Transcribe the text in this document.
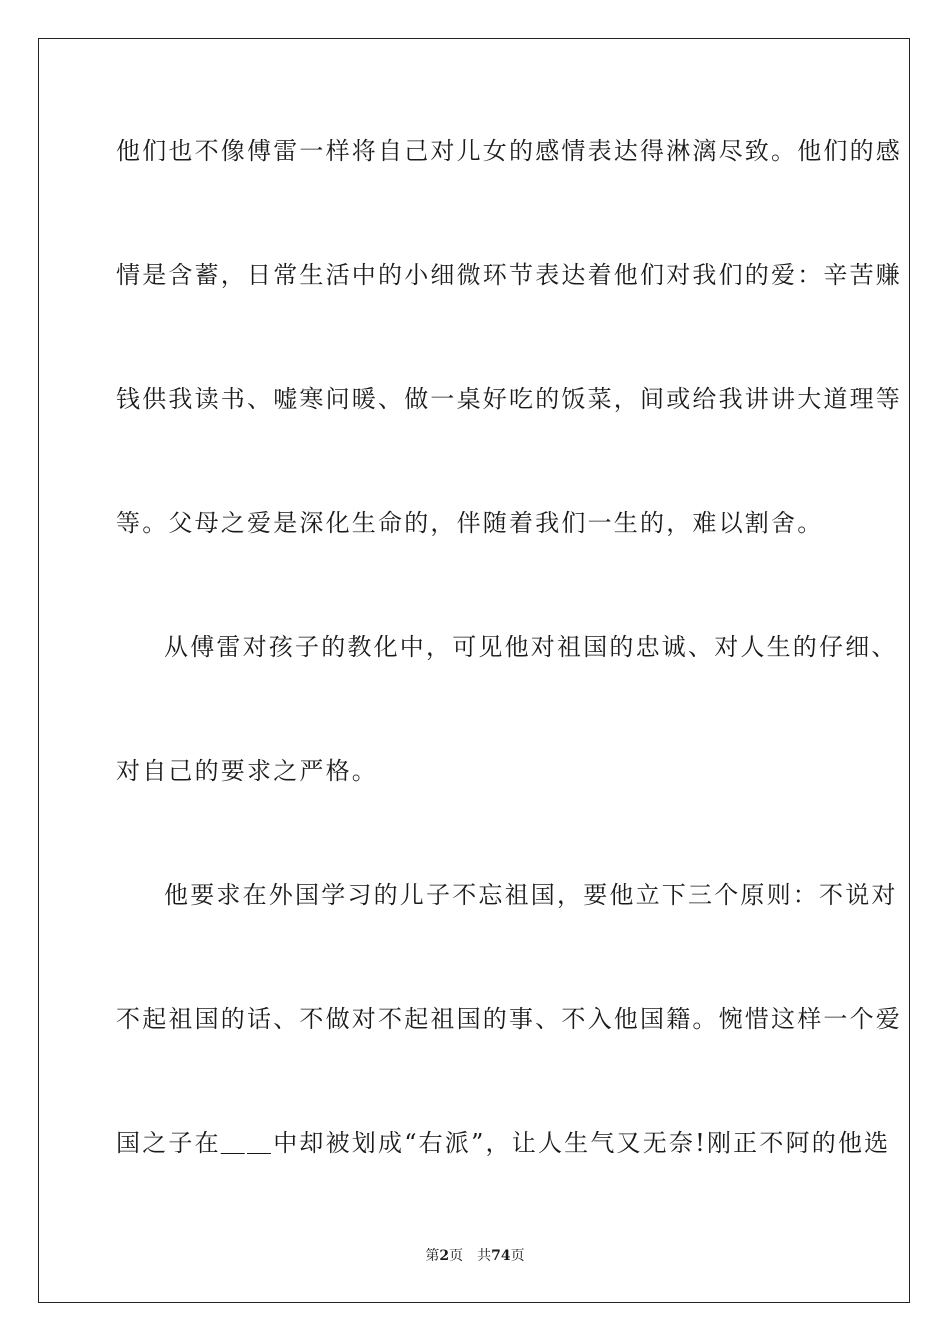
他们也不像傅雷一样将自己对儿女的感情表达得淋漓尽致。他们的感
情是含蓄，日常生活中的小细微环节表达着他们对我们的爱：辛苦赚
钱供我读书、嘘寒问暖、做一桌好吃的饭菜，间或给我讲讲大道理等
等。父母之爱是深化生命的，伴随着我们一生的，难以割舍。
从傅雷对孩子的教化中，可见他对祖国的忠诚、对人生的仔细、
对自己的要求之严格。
他要求在外国学习的儿子不忘祖国，要他立下三个原则：不说对
不起祖国的话、不做对不起祖国的事、不入他国籍。惋惜这样一个爱
国之子在＿＿中却被划成“右派”，让人生气又无奈!刚正不阿的他选
第2页 共74页
